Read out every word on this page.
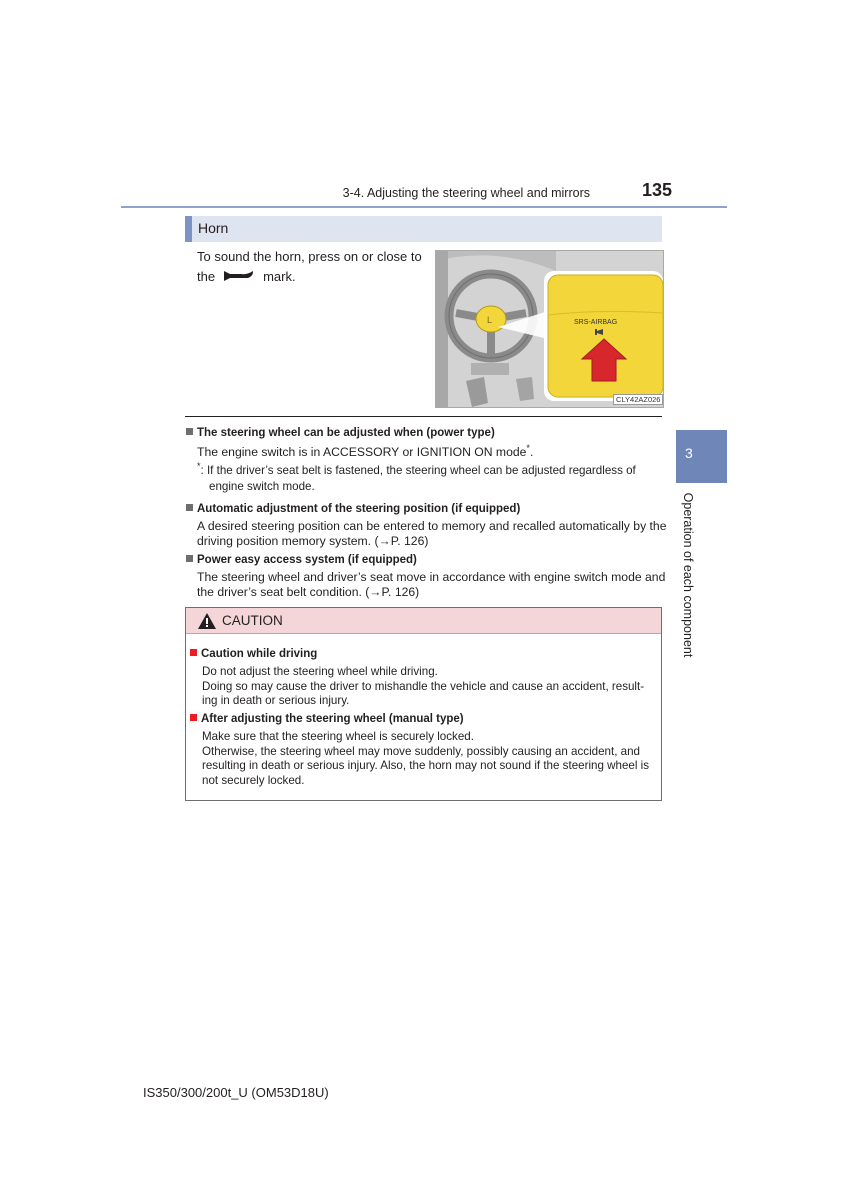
3-4. Adjusting the steering wheel and mirrors	135
3
Operation of each component
Horn
To sound the horn, press on or close to
the	mark.
L	SRS-AIRBAG
CLY42AZ026
The steering wheel can be adjusted when (power type)
The engine switch is in ACCESSORY or IGNITION ON mode*.
*: If the driver’s seat belt is fastened, the steering wheel can be adjusted regardless of
engine switch mode.
Automatic adjustment of the steering position (if equipped)
A desired steering position can be entered to memory and recalled automatically by the
driving position memory system. (→P. 126)
Power easy access system (if equipped)
The steering wheel and driver’s seat move in accordance with engine switch mode and
the driver’s seat belt condition. (→P. 126)
CAUTION
Caution while driving
Do not adjust the steering wheel while driving.
Doing so may cause the driver to mishandle the vehicle and cause an accident, result-
ing in death or serious injury.
After adjusting the steering wheel (manual type)
Make sure that the steering wheel is securely locked.
Otherwise, the steering wheel may move suddenly, possibly causing an accident, and
resulting in death or serious injury. Also, the horn may not sound if the steering wheel is
not securely locked.
IS350/300/200t_U (OM53D18U)
